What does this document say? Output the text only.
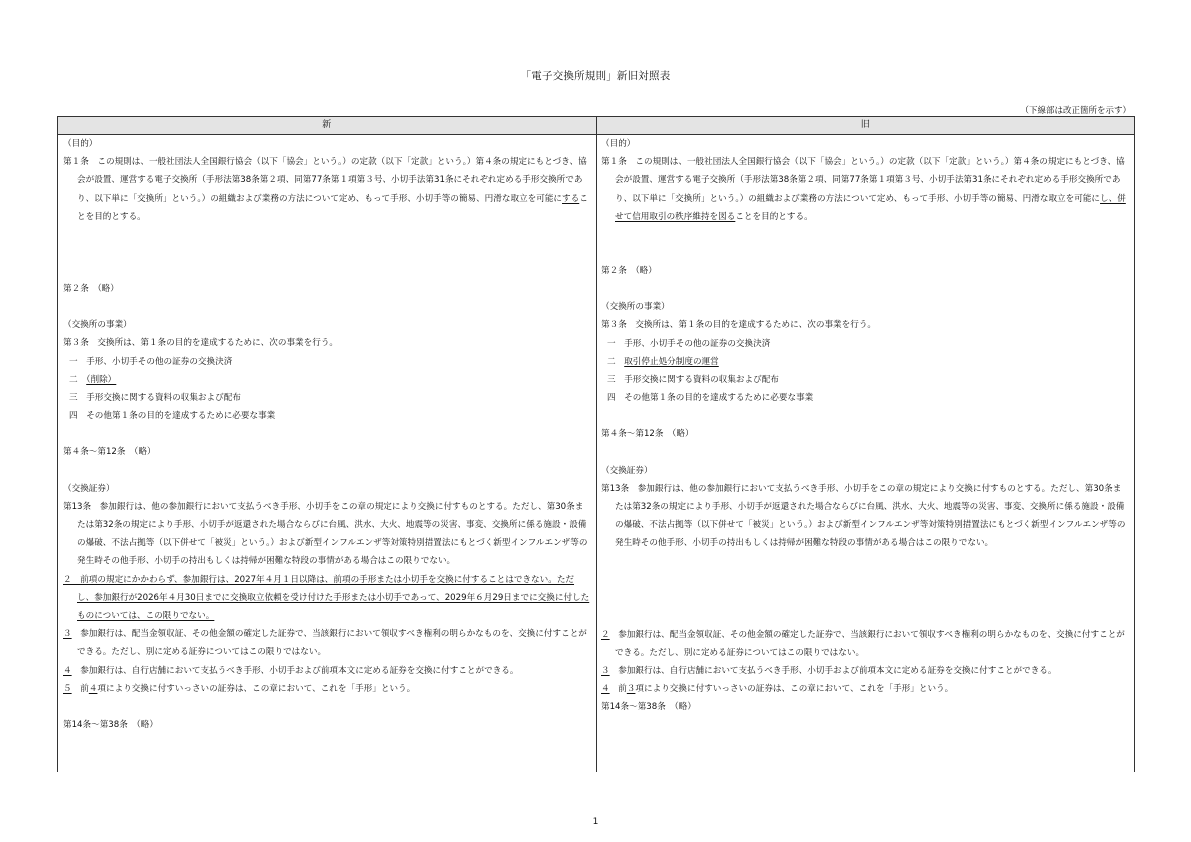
「電子交換所規則」新旧対照表
（下線部は改正箇所を示す）
新	旧

（目的）

第１条　この規則は、一般社団法人全国銀行協会（以下「協会」という。）の定款（以下「定款」という。）第４条の規定にもとづき、協会が設置、運営する電子交換所（手形法第38条第２項、同第77条第１項第３号、小切手法第31条にそれぞれ定める手形交換所であり、以下単に「交換所」という。）の組織および業務の方法について定め、もって手形、小切手等の簡易、円滑な取立を可能にすることを目的とする。

第２条　（略）

（交換所の事業）

第３条　交換所は、第１条の目的を達成するために、次の事業を行う。

一　手形、小切手その他の証券の交換決済

二　（削除）

三　手形交換に関する資料の収集および配布

四　その他第１条の目的を達成するために必要な事業

第４条～第12条　（略）

（交換証券）

第13条　参加銀行は、他の参加銀行において支払うべき手形、小切手をこの章の規定により交換に付すものとする。ただし、第30条または第32条の規定により手形、小切手が返還された場合ならびに台風、洪水、大火、地震等の災害、事変、交換所に係る施設・設備の爆破、不法占拠等（以下併せて「被災」という。）および新型インフルエンザ等対策特別措置法にもとづく新型インフルエンザ等の発生時その他手形、小切手の持出もしくは持帰が困難な特段の事情がある場合はこの限りでない。

２　前項の規定にかかわらず、参加銀行は、2027年４月１日以降は、前項の手形または小切手を交換に付することはできない。ただし、参加銀行が2026年４月30日までに交換取立依頼を受け付けた手形または小切手であって、2029年６月29日までに交換に付したものについては、この限りでない。

３　参加銀行は、配当金領収証、その他金額の確定した証券で、当該銀行において領収すべき権利の明らかなものを、交換に付すことができる。ただし、別に定める証券についてはこの限りではない。

４　参加銀行は、自行店舗において支払うべき手形、小切手および前項本文に定める証券を交換に付すことができる。

５　前４項により交換に付すいっさいの証券は、この章において、これを「手形」という。

第14条～第38条　（略）

（目的）

第１条　この規則は、一般社団法人全国銀行協会（以下「協会」という。）の定款（以下「定款」という。）第４条の規定にもとづき、協会が設置、運営する電子交換所（手形法第38条第２項、同第77条第１項第３号、小切手法第31条にそれぞれ定める手形交換所であり、以下単に「交換所」という。）の組織および業務の方法について定め、もって手形、小切手等の簡易、円滑な取立を可能にし、併せて信用取引の秩序維持を図ることを目的とする。

第２条　（略）

（交換所の事業）

第３条　交換所は、第１条の目的を達成するために、次の事業を行う。

一　手形、小切手その他の証券の交換決済

二　取引停止処分制度の運営

三　手形交換に関する資料の収集および配布

四　その他第１条の目的を達成するために必要な事業

第４条～第12条　（略）

（交換証券）

第13条　参加銀行は、他の参加銀行において支払うべき手形、小切手をこの章の規定により交換に付すものとする。ただし、第30条または第32条の規定により手形、小切手が返還された場合ならびに台風、洪水、大火、地震等の災害、事変、交換所に係る施設・設備の爆破、不法占拠等（以下併せて「被災」という。）および新型インフルエンザ等対策特別措置法にもとづく新型インフルエンザ等の発生時その他手形、小切手の持出もしくは持帰が困難な特段の事情がある場合はこの限りでない。

２　参加銀行は、配当金領収証、その他金額の確定した証券で、当該銀行において領収すべき権利の明らかなものを、交換に付すことができる。ただし、別に定める証券についてはこの限りではない。

３　参加銀行は、自行店舗において支払うべき手形、小切手および前項本文に定める証券を交換に付すことができる。

４　前３項により交換に付すいっさいの証券は、この章において、これを「手形」という。

第14条～第38条　（略）

1
